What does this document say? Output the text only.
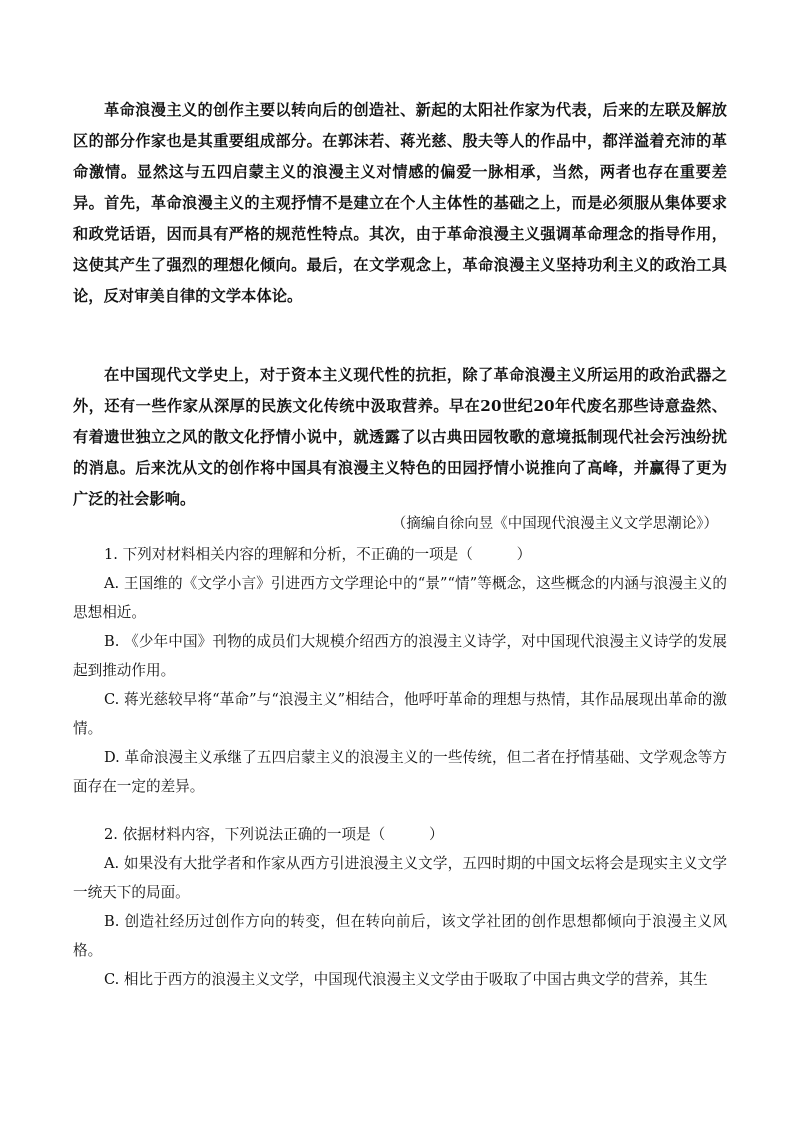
革命浪漫主义的创作主要以转向后的创造社、新起的太阳社作家为代表，后来的左联及解放区的部分作家也是其重要组成部分。在郭沫若、蒋光慈、殷夫等人的作品中，都洋溢着充沛的革命激情。显然这与五四启蒙主义的浪漫主义对情感的偏爱一脉相承，当然，两者也存在重要差异。首先，革命浪漫主义的主观抒情不是建立在个人主体性的基础之上，而是必须服从集体要求和政党话语，因而具有严格的规范性特点。其次，由于革命浪漫主义强调革命理念的指导作用，这使其产生了强烈的理想化倾向。最后，在文学观念上，革命浪漫主义坚持功利主义的政治工具论，反对审美自律的文学本体论。

在中国现代文学史上，对于资本主义现代性的抗拒，除了革命浪漫主义所运用的政治武器之外，还有一些作家从深厚的民族文化传统中汲取营养。早在20世纪20年代废名那些诗意盎然、有着遗世独立之风的散文化抒情小说中，就透露了以古典田园牧歌的意境抵制现代社会污浊纷扰的消息。后来沈从文的创作将中国具有浪漫主义特色的田园抒情小说推向了高峰，并赢得了更为广泛的社会影响。

（摘编自徐向昱《中国现代浪漫主义文学思潮论》）

1. 下列对材料相关内容的理解和分析，不正确的一项是（　　　）

A. 王国维的《文学小言》引进西方文学理论中的“景”“情”等概念，这些概念的内涵与浪漫主义的思想相近。

B. 《少年中国》刊物的成员们大规模介绍西方的浪漫主义诗学，对中国现代浪漫主义诗学的发展起到推动作用。

C. 蒋光慈较早将“革命”与“浪漫主义”相结合，他呼吁革命的理想与热情，其作品展现出革命的激情。

D. 革命浪漫主义承继了五四启蒙主义的浪漫主义的一些传统，但二者在抒情基础、文学观念等方面存在一定的差异。

2. 依据材料内容，下列说法正确的一项是（　　　）

A. 如果没有大批学者和作家从西方引进浪漫主义文学，五四时期的中国文坛将会是现实主义文学一统天下的局面。

B. 创造社经历过创作方向的转变，但在转向前后，该文学社团的创作思想都倾向于浪漫主义风格。

C. 相比于西方的浪漫主义文学，中国现代浪漫主义文学由于吸取了中国古典文学的营养，其生
